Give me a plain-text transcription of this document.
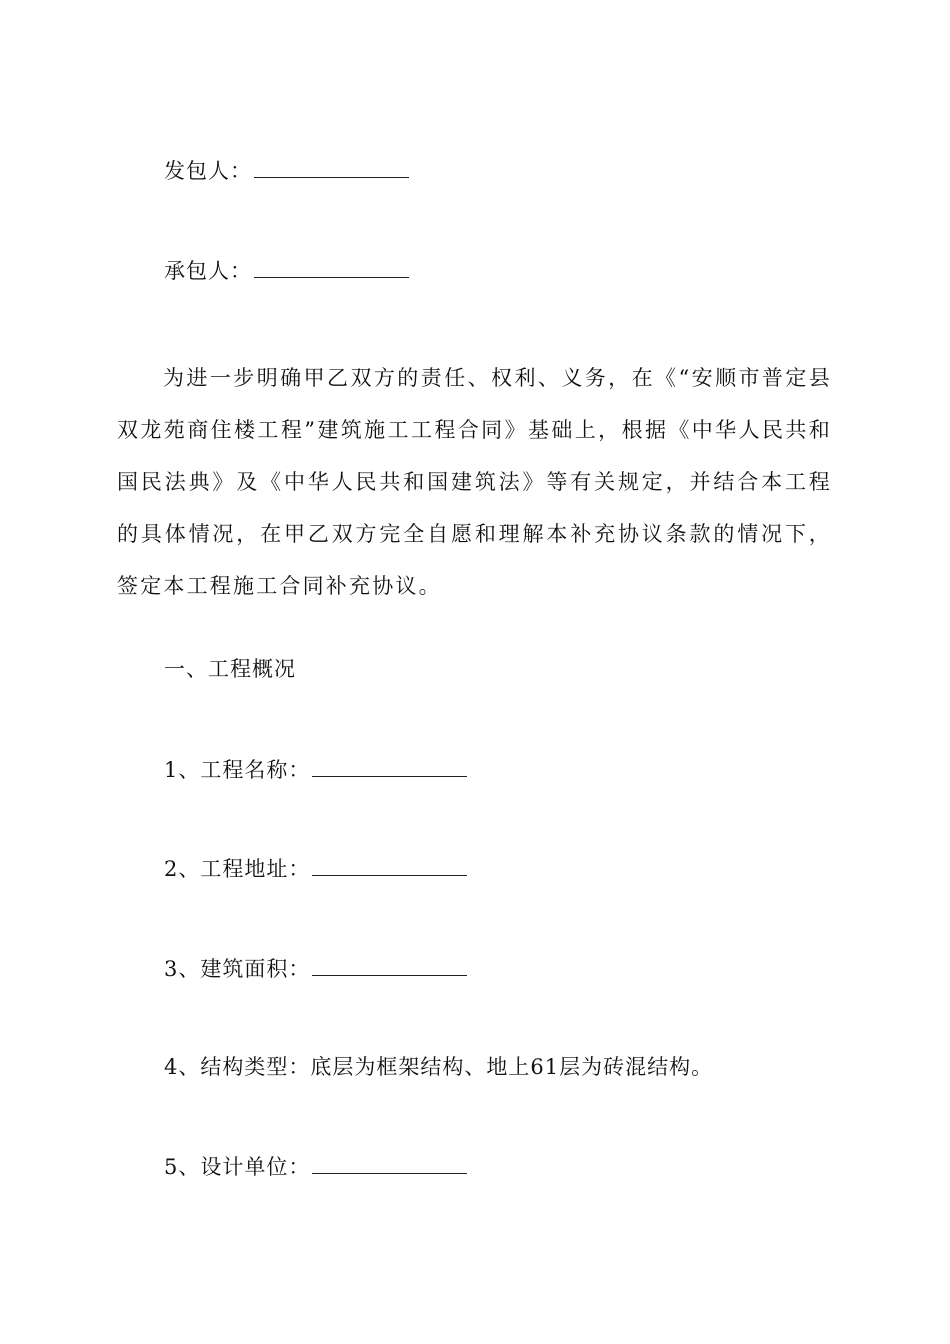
发包人：
承包人：

为进一步明确甲乙双方的责任、权利、义务，在《“安顺市普定县双龙苑商住楼工程”建筑施工工程合同》基础上，根据《中华人民共和国民法典》及《中华人民共和国建筑法》等有关规定，并结合本工程的具体情况，在甲乙双方完全自愿和理解本补充协议条款的情况下，签定本工程施工合同补充协议。

一、工程概况
1、工程名称：
2、工程地址：
3、建筑面积：
4、结构类型：底层为框架结构、地上61层为砖混结构。
5、设计单位：
